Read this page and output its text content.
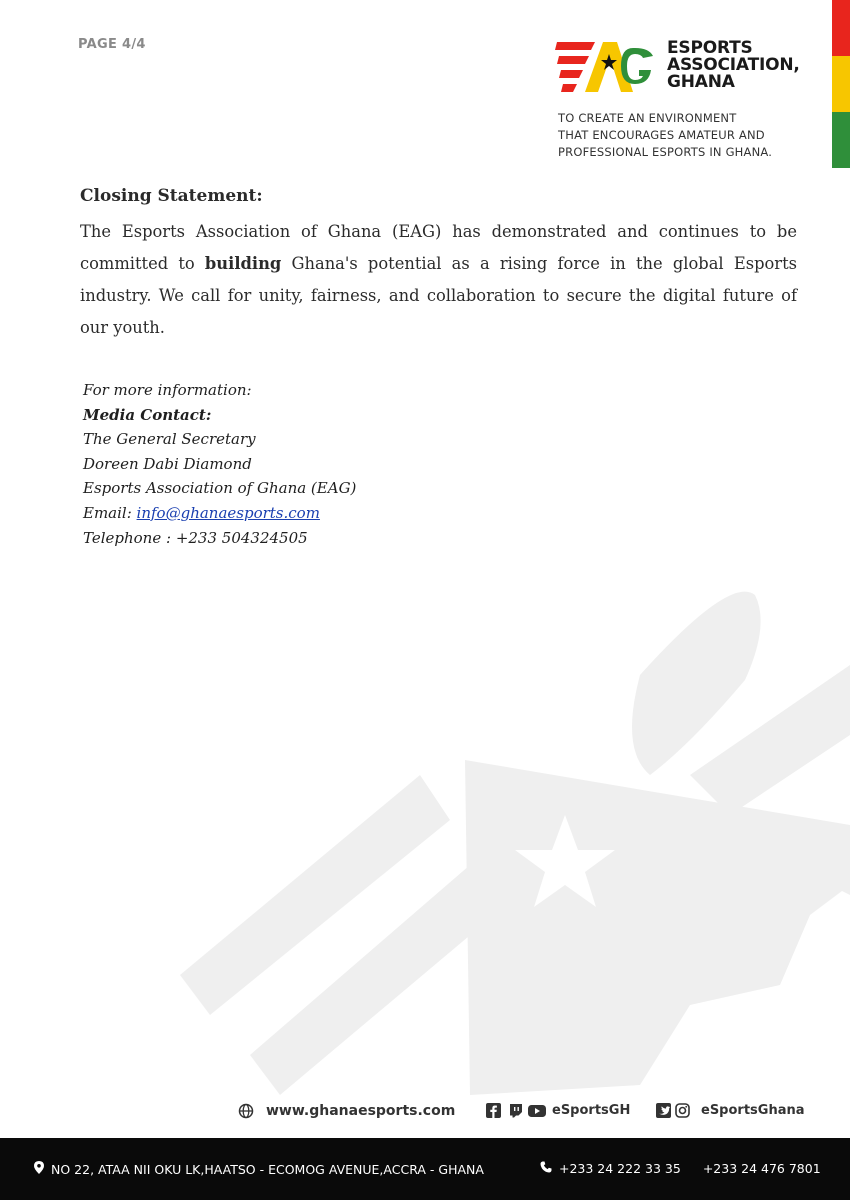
PAGE 4/4	ESPORTS
ASSOCIATION,
GHANA
TO CREATE AN ENVIRONMENT
THAT ENCOURAGES AMATEUR AND
PROFESSIONAL ESPORTS IN GHANA.
Closing Statement:
The Esports Association of Ghana (EAG) has demonstrated and continues to be committed to building Ghana's potential as a rising force in the global Esports industry. We call for unity, fairness, and collaboration to secure the digital future of our youth.
For more information:
Media Contact:
The General Secretary
Doreen Dabi Diamond
Esports Association of Ghana (EAG)
Email: info@ghanaesports.com
Telephone : +233 504324505
www.ghanaesports.com	eSportsGH	eSportsGhana
NO 22, ATAA NII OKU LK,HAATSO - ECOMOG AVENUE,ACCRA - GHANA	+233 24 222 33 35 +233 24 476 7801
